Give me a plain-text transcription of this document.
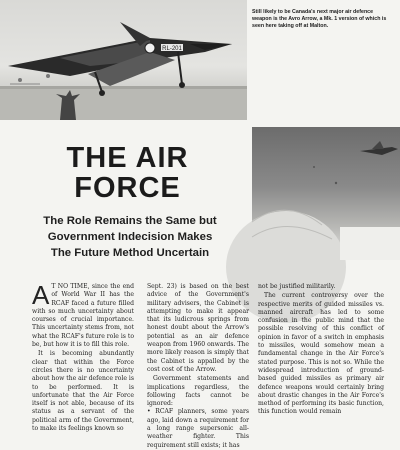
RL-201
Still likely to be Canada's next major air defence weapon is the Avro Arrow, a Mk. 1 version of which is seen here taking off at Malton.
THE AIR
FORCE
The Role Remains the Same but
Government Indecision Makes
The Future Method Uncertain

A T NO TIME, since the end of World War II has the RCAF faced a future filled with so much uncertainty about courses of crucial importance. This uncertainty stems from, not what the RCAF's future role is to be, but how it is to fill this role.

It is becoming abundantly clear that within the Force circles there is no uncertainty about how the air defence role is to be performed. It is unfortunate that the Air Force itself is not able, because of its status as a servant of the political arm of the Government, to make its feelings known so

Sept. 23) is based on the best advice of the Government's military advisers, the Cabinet is attempting to make it appear that its ludicrous springs from honest doubt about the Arrow's potential as an air defence weapon from 1960 onwards. The more likely reason is simply that the Cabinet is appalled by the cost cost of the Arrow.

Government statements and implications regardless, the following facts cannot be ignored:

• RCAF planners, some years ago, laid down a requirement for a long range supersonic all-weather fighter. This requirement still exists; it has

not be justified militarily.

The current controversy over the respective merits of guided missiles vs. manned aircraft has led to some confusion in the public mind that the possible resolving of this conflict of opinion in favor of a switch in emphasis to missiles, would somehow mean a fundamental change in the Air Force's stated purpose. This is not so. While the widespread introduction of ground-based guided missiles as primary air defence weapons would certainly bring about drastic changes in the Air Force's method of performing its basic function, this function would remain
